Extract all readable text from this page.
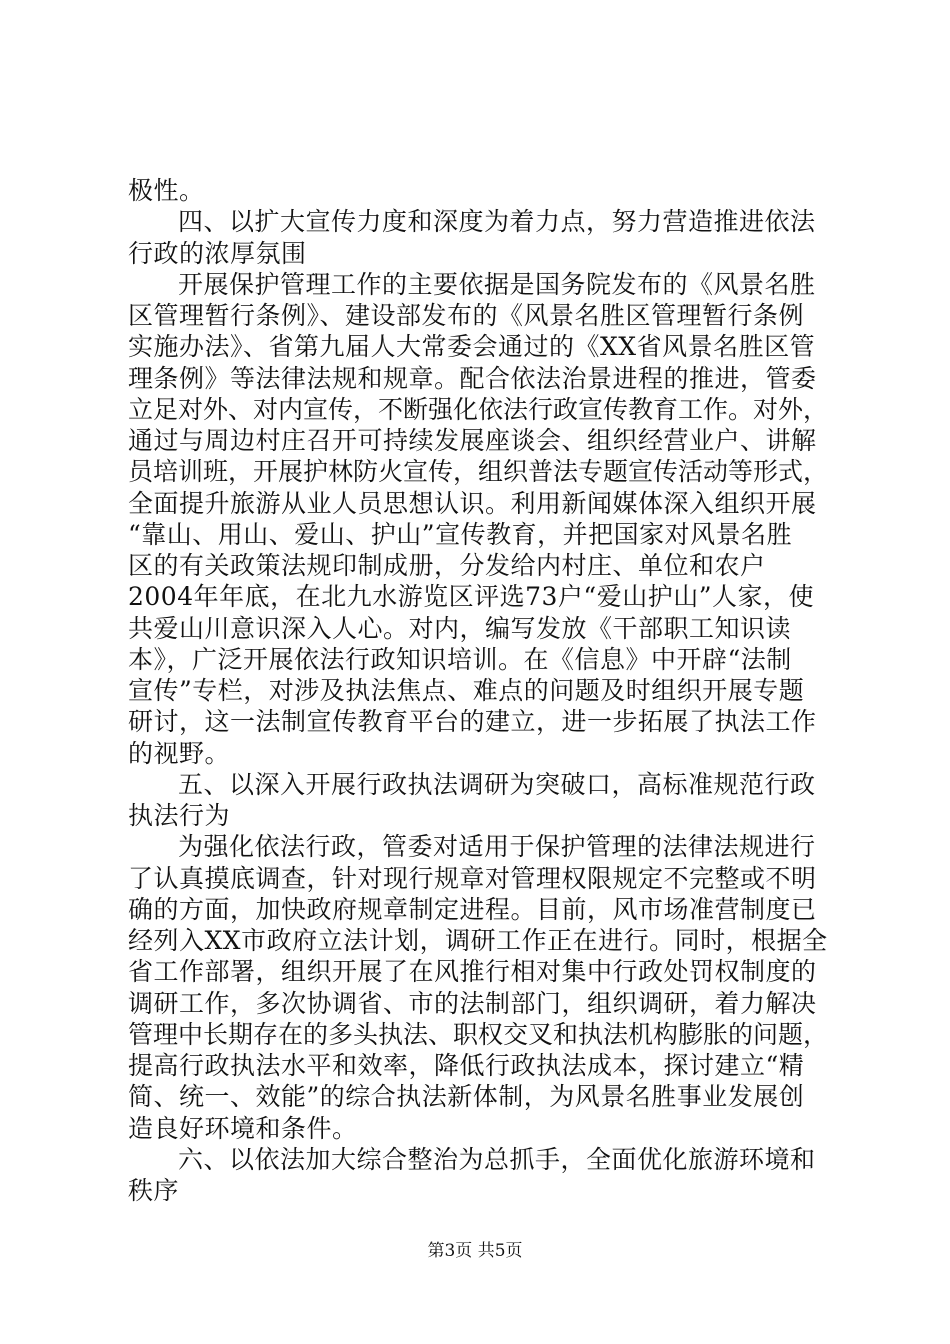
极性。
四、以扩大宣传力度和深度为着力点，努力营造推进依法
行政的浓厚氛围
开展保护管理工作的主要依据是国务院发布的《风景名胜
区管理暂行条例》、建设部发布的《风景名胜区管理暂行条例
实施办法》、省第九届人大常委会通过的《XX省风景名胜区管
理条例》等法律法规和规章。配合依法治景进程的推进，管委
立足对外、对内宣传，不断强化依法行政宣传教育工作。对外，
通过与周边村庄召开可持续发展座谈会、组织经营业户、讲解
员培训班，开展护林防火宣传，组织普法专题宣传活动等形式，
全面提升旅游从业人员思想认识。利用新闻媒体深入组织开展
“靠山、用山、爱山、护山”宣传教育，并把国家对风景名胜
区的有关政策法规印制成册，分发给内村庄、单位和农户
2004年年底，在北九水游览区评选73户“爱山护山”人家，使
共爱山川意识深入人心。对内，编写发放《干部职工知识读
本》，广泛开展依法行政知识培训。在《信息》中开辟“法制
宣传”专栏，对涉及执法焦点、难点的问题及时组织开展专题
研讨，这一法制宣传教育平台的建立，进一步拓展了执法工作
的视野。
五、以深入开展行政执法调研为突破口，高标准规范行政
执法行为
为强化依法行政，管委对适用于保护管理的法律法规进行
了认真摸底调查，针对现行规章对管理权限规定不完整或不明
确的方面，加快政府规章制定进程。目前，风市场准营制度已
经列入XX市政府立法计划，调研工作正在进行。同时，根据全
省工作部署，组织开展了在风推行相对集中行政处罚权制度的
调研工作，多次协调省、市的法制部门，组织调研，着力解决
管理中长期存在的多头执法、职权交叉和执法机构膨胀的问题，
提高行政执法水平和效率，降低行政执法成本，探讨建立“精
简、统一、效能”的综合执法新体制，为风景名胜事业发展创
造良好环境和条件。
六、以依法加大综合整治为总抓手，全面优化旅游环境和
秩序
第3页 共5页
